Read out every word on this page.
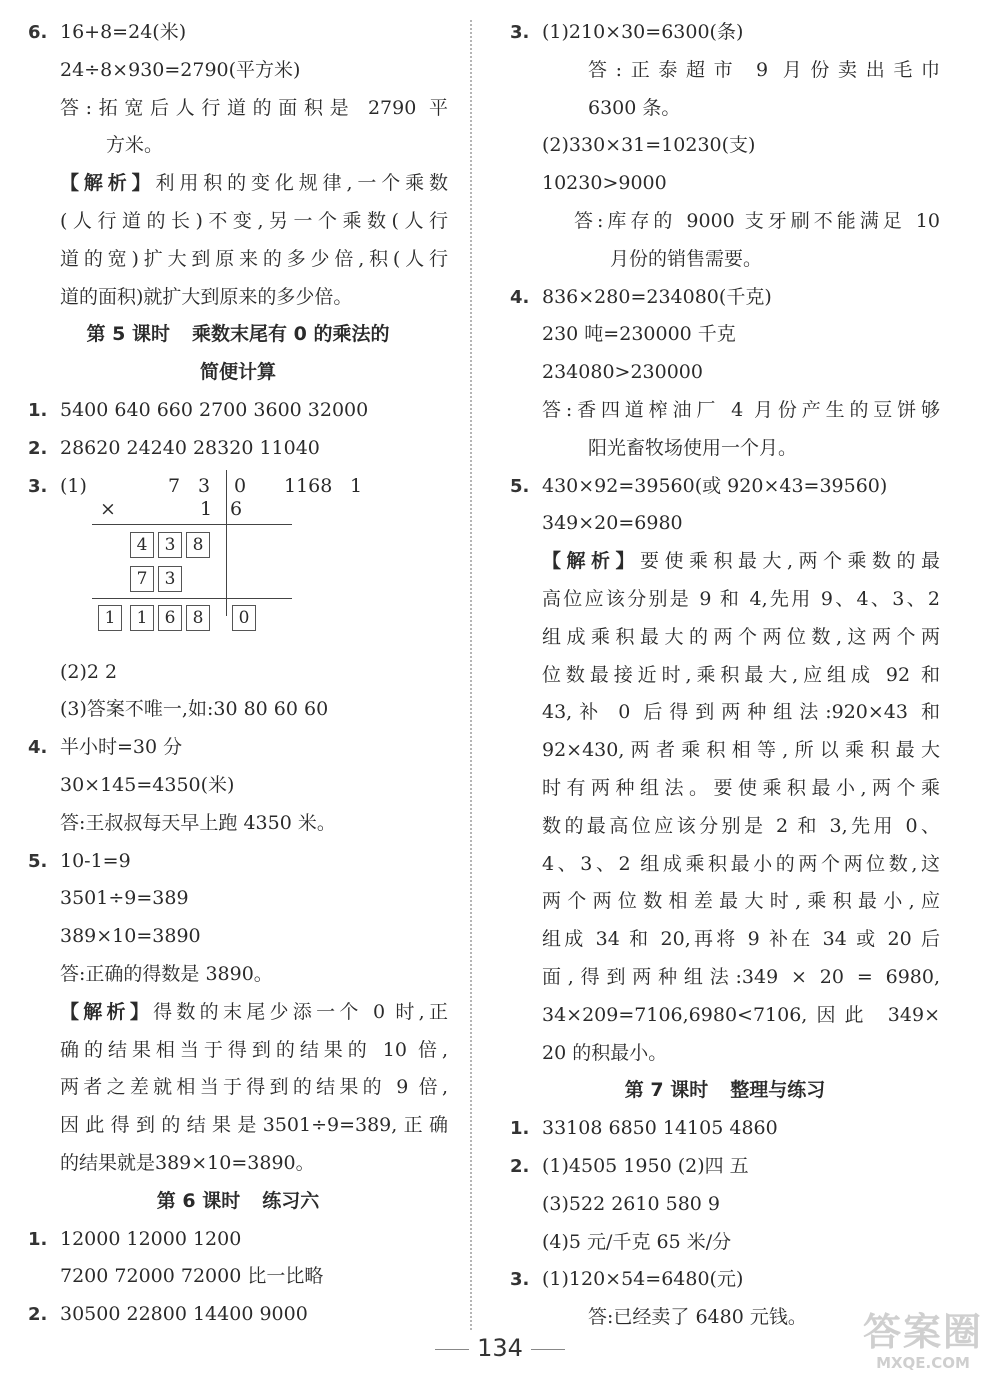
6. 16+8=24(米)
24÷8×930=2790(平方米)
答:拓宽后人行道的面积是 2790 平
方米。
【解析】利用积的变化规律,一个乘数
(人行道的长)不变,另一个乘数(人行
道的宽)扩大到原来的多少倍,积(人行
道的面积)就扩大到原来的多少倍。
第 5 课时 乘数末尾有 0 的乘法的
简便计算
1. 5400 640 660 2700 3600 32000
2. 28620 24240 28320 11040
3. (1)	7 3 0 1168 1
×	1 6
4	3	8
7	3
1	1	6	8	0
(2)2 2
(3)答案不唯一,如:30 80 60 60
4. 半小时=30 分
30×145=4350(米)
答:王叔叔每天早上跑 4350 米。
5. 10-1=9
3501÷9=389
389×10=3890
答:正确的得数是 3890。
【解析】得数的末尾少添一个 0 时,正
确的结果相当于得到的结果的 10 倍,
两者之差就相当于得到的结果的 9 倍,
因此得到的结果是3501÷9=389,正确
的结果就是389×10=3890。
第 6 课时 练习六
1. 12000 12000 1200
7200 72000 72000 比一比略
2. 30500 22800 14400 9000
3. (1)210×30=6300(条)
答:正泰超市 9 月份卖出毛巾
6300 条。
(2)330×31=10230(支)
10230>9000
答:库存的 9000 支牙刷不能满足 10
月份的销售需要。
4. 836×280=234080(千克)
230 吨=230000 千克
234080>230000
答:香四道榨油厂 4 月份产生的豆饼够
阳光畜牧场使用一个月。
5. 430×92=39560(或 920×43=39560)
349×20=6980
【解析】要使乘积最大,两个乘数的最
高位应该分别是 9 和 4,先用 9、4、3、2
组成乘积最大的两个两位数,这两个两
位数最接近时,乘积最大,应组成 92 和
43,补 0 后得到两种组法:920×43 和
92×430,两者乘积相等,所以乘积最大
时有两种组法。要使乘积最小,两个乘
数的最高位应该分别是 2 和 3,先用 0、
4、3、2 组成乘积最小的两个两位数,这
两个两位数相差最大时,乘积最小,应
组成 34 和 20,再将 9 补在 34 或 20 后
面,得到两种组法:349 × 20 = 6980,
34×209=7106,6980<7106,因此 349×
20 的积最小。
第 7 课时 整理与练习
1. 33108 6850 14105 4860
2. (1)4505 1950 (2)四 五
(3)522 2610 580 9
(4)5 元/千克 65 米/分
3. (1)120×54=6480(元)
答:已经卖了 6480 元钱。
134	答案圈
MXQE.COM
